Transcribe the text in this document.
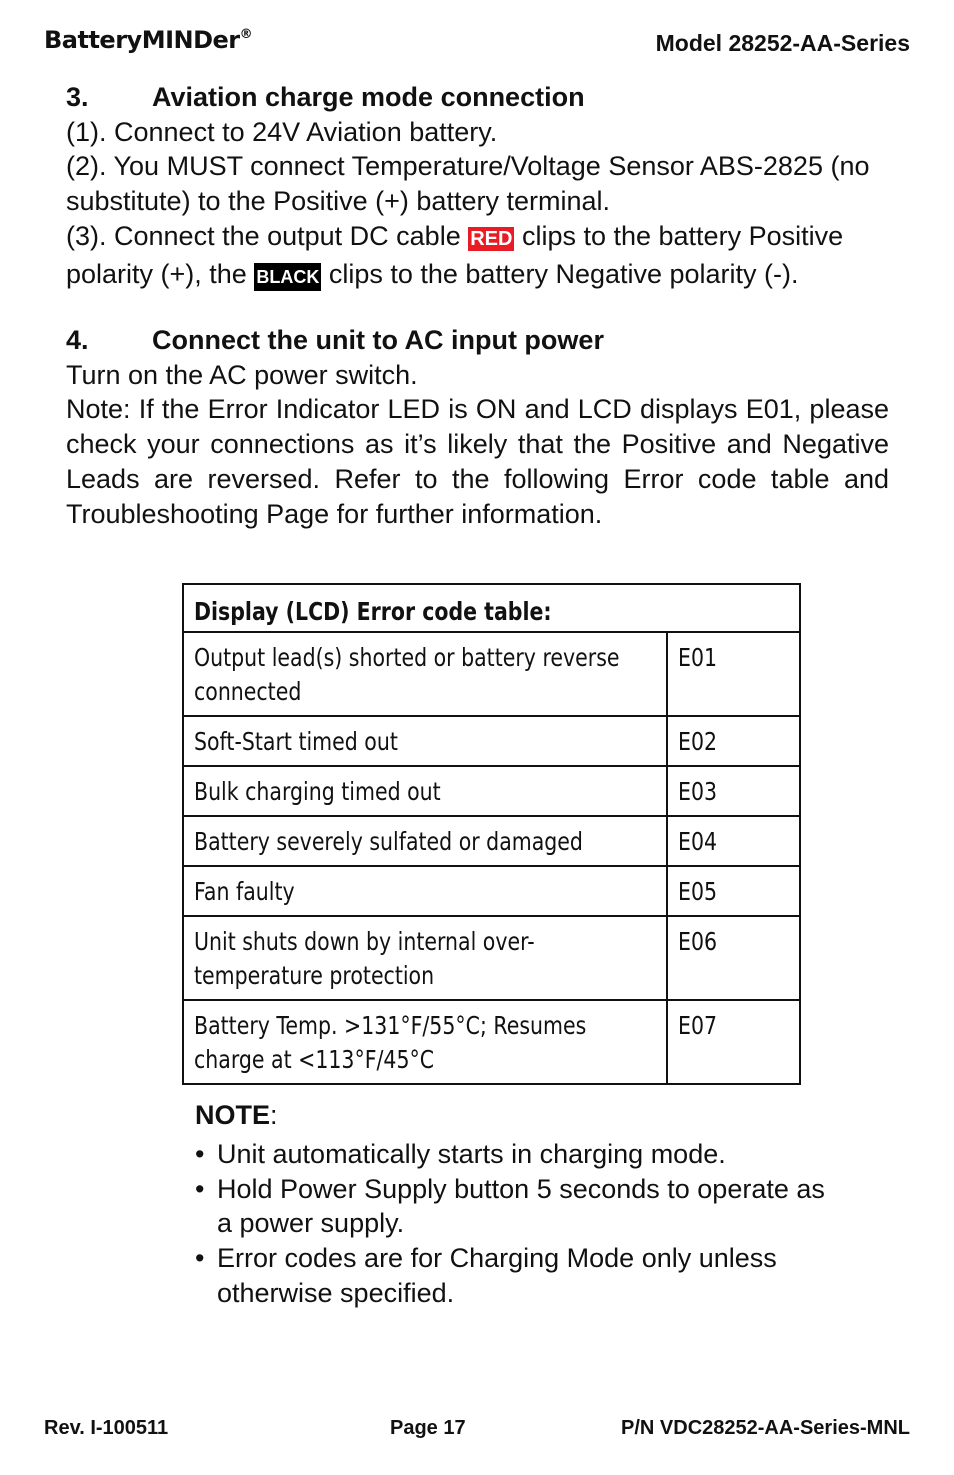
BatteryMINDer®	Model 28252-AA-Series
3. Aviation charge mode connection
(1). Connect to 24V Aviation battery.
(2). You MUST connect Temperature/Voltage Sensor ABS-2825 (no substitute) to the Positive (+) battery terminal.
(3). Connect the output DC cable RED clips to the battery Positive polarity (+), the BLACK clips to the battery Negative polarity (-).
4. Connect the unit to AC input power
Turn on the AC power switch.
Note: If the Error Indicator LED is ON and LCD displays E01, please check your connections as it’s likely that the Positive and Negative Leads are reversed. Refer to the following Error code table and Troubleshooting Page for further information.
Display (LCD) Error code table:	
Output lead(s) shorted or battery reverse connected	E01
Soft-Start timed out	E02
Bulk charging timed out	E03
Battery severely sulfated or damaged	E04
Fan faulty	E05
Unit shuts down by internal over-temperature protection	E06
Battery Temp. >131°F/55°C; Resumes charge at <113°F/45°C	E07
NOTE:
• Unit automatically starts in charging mode.
• Hold Power Supply button 5 seconds to operate as a power supply.
• Error codes are for Charging Mode only unless otherwise specified.
Rev. I-100511	Page 17	P/N VDC28252-AA-Series-MNL
